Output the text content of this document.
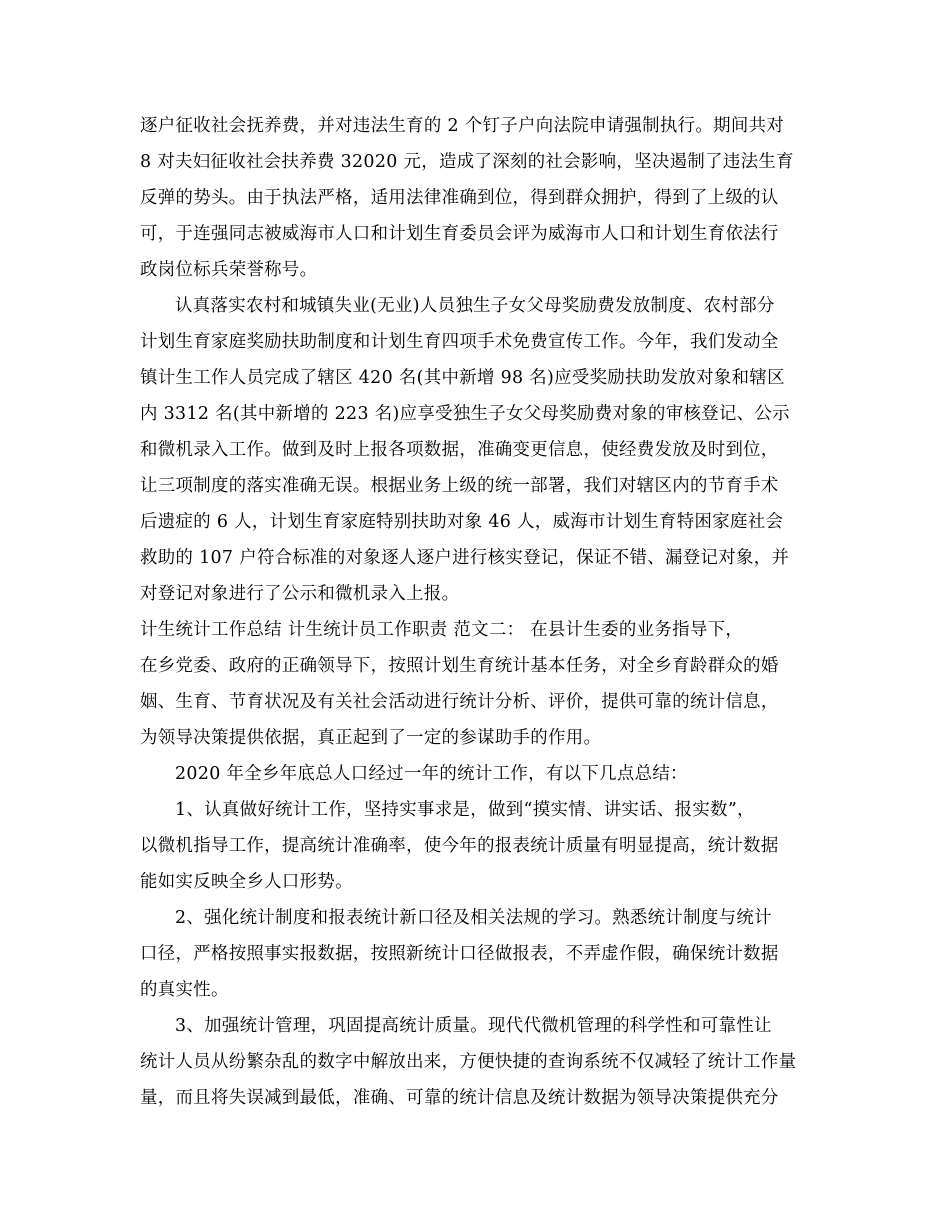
逐户征收社会抚养费，并对违法生育的 2 个钉子户向法院申请强制执行。期间共对
8 对夫妇征收社会扶养费 32020 元，造成了深刻的社会影响，坚决遏制了违法生育
反弹的势头。由于执法严格，适用法律准确到位，得到群众拥护，得到了上级的认
可，于连强同志被威海市人口和计划生育委员会评为威海市人口和计划生育依法行
政岗位标兵荣誉称号。
认真落实农村和城镇失业(无业)人员独生子女父母奖励费发放制度、农村部分
计划生育家庭奖励扶助制度和计划生育四项手术免费宣传工作。今年，我们发动全
镇计生工作人员完成了辖区 420 名(其中新增 98 名)应受奖励扶助发放对象和辖区
内 3312 名(其中新增的 223 名)应享受独生子女父母奖励费对象的审核登记、公示
和微机录入工作。做到及时上报各项数据，准确变更信息，使经费发放及时到位，
让三项制度的落实准确无误。根据业务上级的统一部署，我们对辖区内的节育手术
后遗症的 6 人，计划生育家庭特别扶助对象 46 人，威海市计划生育特困家庭社会
救助的 107 户符合标准的对象逐人逐户进行核实登记，保证不错、漏登记对象，并
对登记对象进行了公示和微机录入上报。
计生统计工作总结 计生统计员工作职责 范文二： 在县计生委的业务指导下，
在乡党委、政府的正确领导下，按照计划生育统计基本任务，对全乡育龄群众的婚
姻、生育、节育状况及有关社会活动进行统计分析、评价，提供可靠的统计信息，
为领导决策提供依据，真正起到了一定的参谋助手的作用。
2020 年全乡年底总人口经过一年的统计工作，有以下几点总结：
1、认真做好统计工作，坚持实事求是，做到“摸实情、讲实话、报实数”，
以微机指导工作，提高统计准确率，使今年的报表统计质量有明显提高，统计数据
能如实反映全乡人口形势。
2、强化统计制度和报表统计新口径及相关法规的学习。熟悉统计制度与统计
口径，严格按照事实报数据，按照新统计口径做报表，不弄虚作假，确保统计数据
的真实性。
3、加强统计管理，巩固提高统计质量。现代代微机管理的科学性和可靠性让
统计人员从纷繁杂乱的数字中解放出来，方便快捷的查询系统不仅减轻了统计工作量
量，而且将失误减到最低，准确、可靠的统计信息及统计数据为领导决策提供充分
